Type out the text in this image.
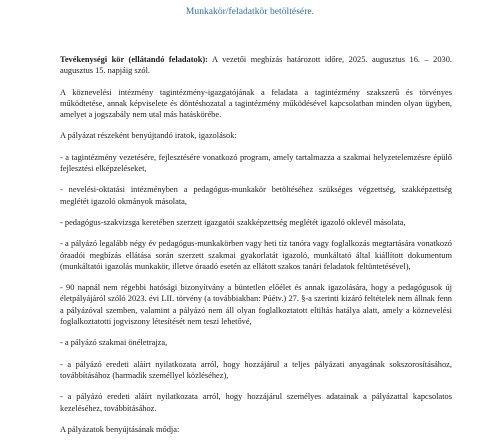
Munkakör/feladatkör betöltésére.

Tevékenységi kör (ellátandó feladatok): A vezetői megbízás határozott időre, 2025. augusztus 16. – 2030. augusztus 15. napjáig szól.

A köznevelési intézmény tagintézmény-igazgatójának a feladata a tagintézmény szakszerű és törvényes működtetése, annak képviselete és döntéshozatal a tagintézmény működésével kapcsolatban minden olyan ügyben, amelyet a jogszabály nem utal más hatáskörébe.

A pályázat részeként benyújtandó iratok, igazolások:

- a tagintézmény vezetésére, fejlesztésére vonatkozó program, amely tartalmazza a szakmai helyzetelemzésre épülő fejlesztési elképzeléseket,

- nevelési-oktatási intézményben a pedagógus-munkakör betöltéséhez szükséges végzettség, szakképzettség meglétét igazoló okmányok másolata,

- pedagógus-szakvizsga keretében szerzett igazgatói szakképzettség meglétét igazoló oklevél másolata,

- a pályázó legalább négy év pedagógus-munkakörben vagy heti tíz tanóra vagy foglalkozás megtartására vonatkozó óraadói megbízás ellátása során szerzett szakmai gyakorlatát igazoló, munkáltató által kiállított dokumentum (munkáltatói igazolás munkakör, illetve óraadó esetén az ellátott szakos tanári feladatok feltüntetésével),

- 90 napnál nem régebbi hatósági bizonyítvány a büntetlen előélet és annak igazolására, hogy a pedagógusok új életpályájáról szóló 2023. évi LII. törvény (a továbbiakban: Púétv.) 27. §-a szerinti kizáró feltételek nem állnak fenn a pályázóval szemben, valamint a pályázó nem áll olyan foglalkoztatott eltiltás hatálya alatt, amely a köznevelési foglalkoztatotti jogviszony létesítését nem teszi lehetővé,

- a pályázó szakmai önéletrajza,

- a pályázó eredeti aláírt nyilatkozata arról, hogy hozzájárul a teljes pályázati anyagának sokszorosításához, továbbításához (harmadik személlyel közléséhez),

- a pályázó eredeti aláírt nyilatkozata arról, hogy hozzájárul személyes adatainak a pályázattal kapcsolatos kezeléséhez, továbbításához.

A pályázatok benyújtásának módja:
